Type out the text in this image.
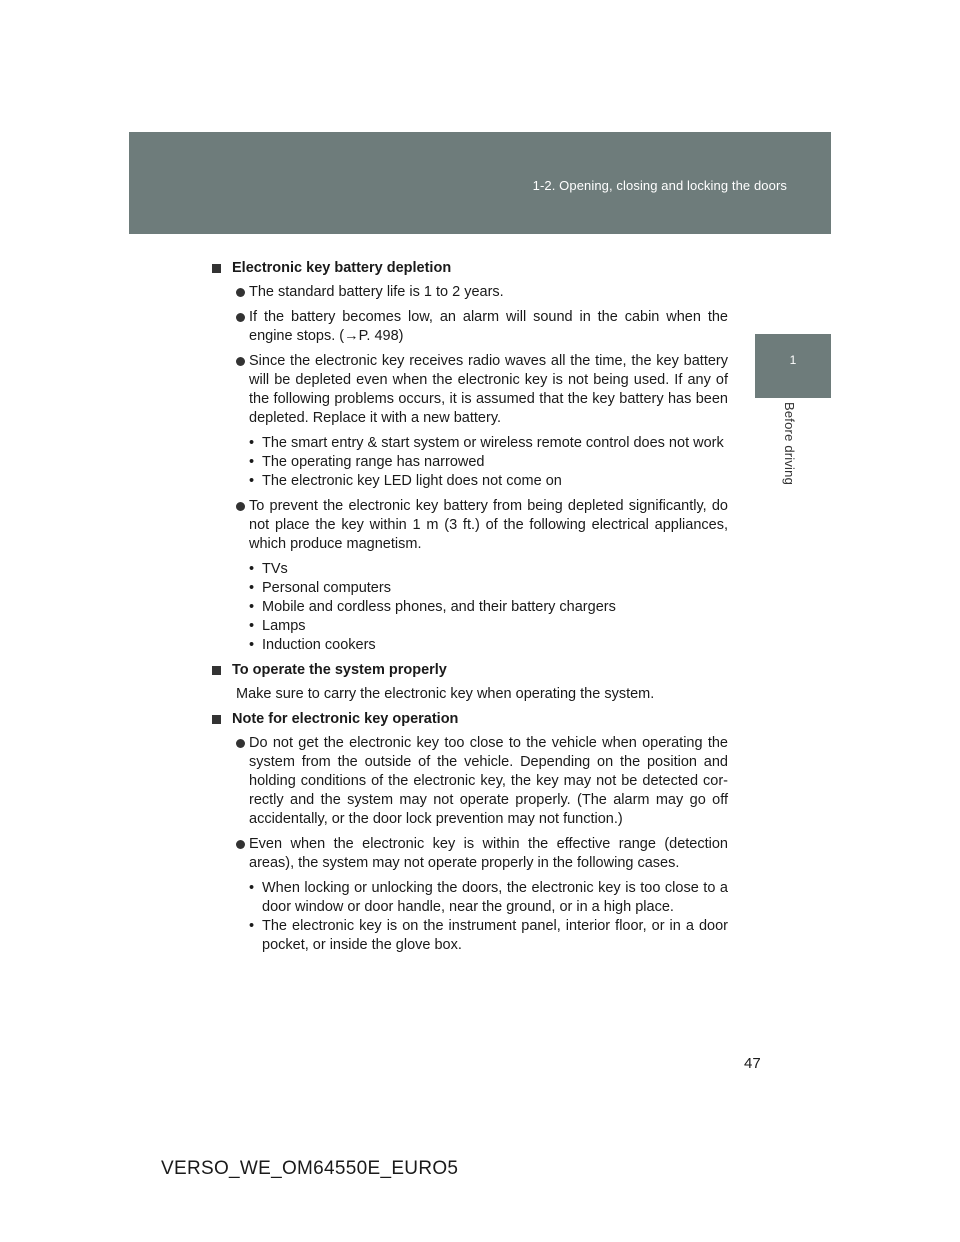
1-2. Opening, closing and locking the doors
1
Before driving
Electronic key battery depletion
The standard battery life is 1 to 2 years.
If the battery becomes low, an alarm will sound in the cabin when the engine stops. (→P. 498)
Since the electronic key receives radio waves all the time, the key battery will be depleted even when the electronic key is not being used. If any of the following problems occurs, it is assumed that the key battery has been depleted. Replace it with a new battery.
• The smart entry & start system or wireless remote control does not work
• The operating range has narrowed
• The electronic key LED light does not come on
To prevent the electronic key battery from being depleted significantly, do not place the key within 1 m (3 ft.) of the following electrical appliances, which produce magnetism.
• TVs
• Personal computers
• Mobile and cordless phones, and their battery chargers
• Lamps
• Induction cookers
To operate the system properly
Make sure to carry the electronic key when operating the system.
Note for electronic key operation
Do not get the electronic key too close to the vehicle when operating the system from the outside of the vehicle. Depending on the position and holding conditions of the electronic key, the key may not be detected cor-rectly and the system may not operate properly. (The alarm may go off accidentally, or the door lock prevention may not function.)
Even when the electronic key is within the effective range (detection areas), the system may not operate properly in the following cases.
• When locking or unlocking the doors, the electronic key is too close to a door window or door handle, near the ground, or in a high place.
• The electronic key is on the instrument panel, interior floor, or in a door pocket, or inside the glove box.
47
VERSO_WE_OM64550E_EURO5
